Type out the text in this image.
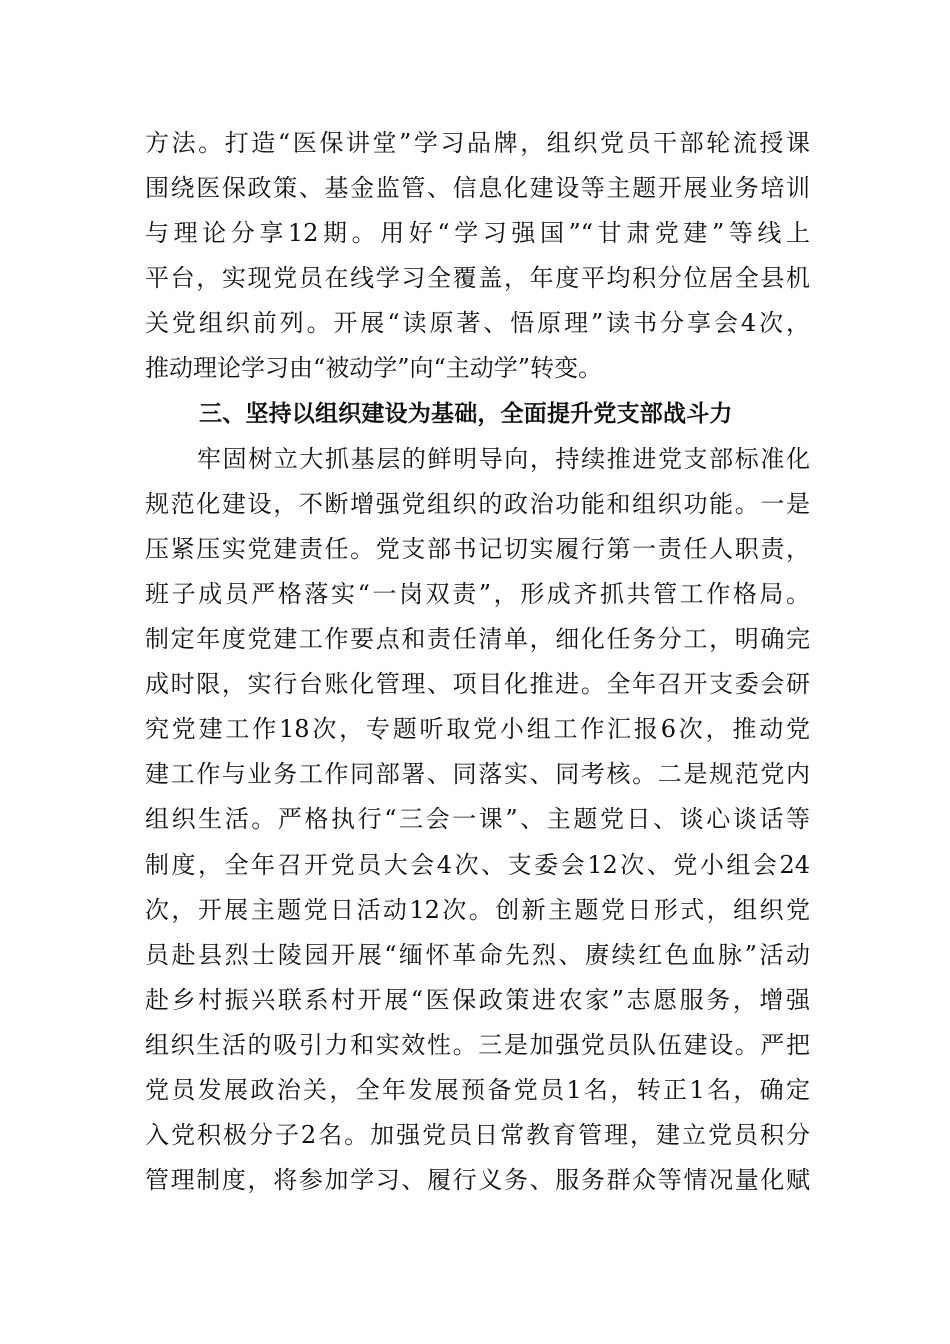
方法。打造“医保讲堂”学习品牌，组织党员干部轮流授课
围绕医保政策、基金监管、信息化建设等主题开展业务培训
与理论分享12期。用好“学习强国”“甘肃党建”等线上
平台，实现党员在线学习全覆盖，年度平均积分位居全县机
关党组织前列。开展“读原著、悟原理”读书分享会4次，
推动理论学习由“被动学”向“主动学”转变。
三、坚持以组织建设为基础，全面提升党支部战斗力
牢固树立大抓基层的鲜明导向，持续推进党支部标准化
规范化建设，不断增强党组织的政治功能和组织功能。一是
压紧压实党建责任。党支部书记切实履行第一责任人职责，
班子成员严格落实“一岗双责”，形成齐抓共管工作格局。
制定年度党建工作要点和责任清单，细化任务分工，明确完
成时限，实行台账化管理、项目化推进。全年召开支委会研
究党建工作18次，专题听取党小组工作汇报6次，推动党
建工作与业务工作同部署、同落实、同考核。二是规范党内
组织生活。严格执行“三会一课”、主题党日、谈心谈话等
制度，全年召开党员大会4次、支委会12次、党小组会24
次，开展主题党日活动12次。创新主题党日形式，组织党
员赴县烈士陵园开展“缅怀革命先烈、赓续红色血脉”活动
赴乡村振兴联系村开展“医保政策进农家”志愿服务，增强
组织生活的吸引力和实效性。三是加强党员队伍建设。严把
党员发展政治关，全年发展预备党员1名，转正1名，确定
入党积极分子2名。加强党员日常教育管理，建立党员积分
管理制度，将参加学习、履行义务、服务群众等情况量化赋
